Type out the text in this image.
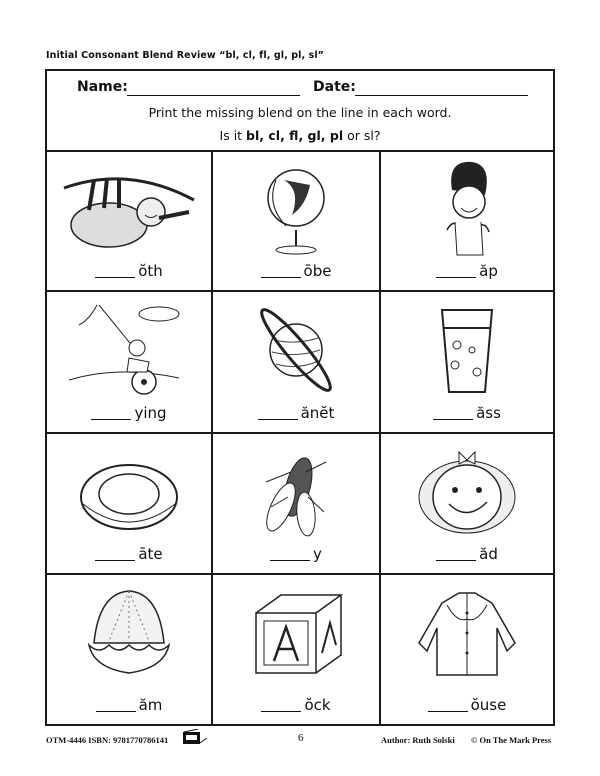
Initial Consonant Blend Review “bl, cl, fl, gl, pl, sl”
Name:	Date:
Print the missing blend on the line in each word.
Is it bl, cl, fl, gl, pl or sl?
ŏth	ōbe	ăp
ying	ănĕt	ăss
āte	y	ăd
ăm	ŏck	ŏuse
OTM-4446 ISBN: 9781770786141	6	Author: Ruth Solski © On The Mark Press
